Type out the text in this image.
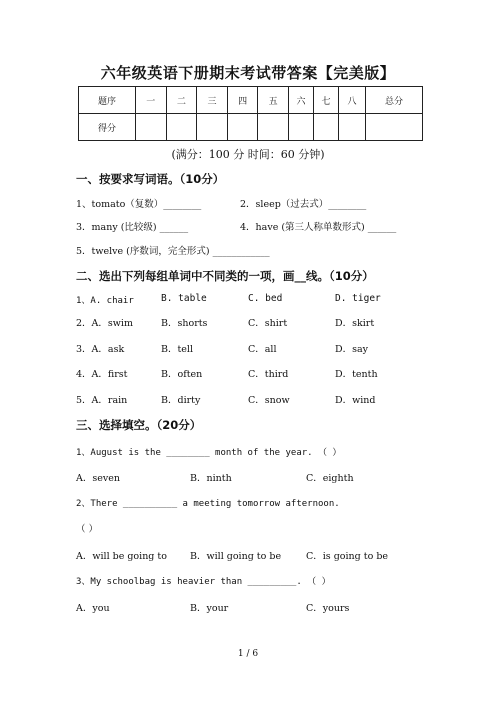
六年级英语下册期末考试带答案【完美版】
题序	一	二	三	四	五	六	七	八	总分
得分									
(满分：100 分 时间：60 分钟)
一、按要求写词语。（10分）
1、tomato（复数）________	2．sleep（过去式）________
3．many (比较级) ______	4．have (第三人称单数形式) ______
5．twelve (序数词，完全形式) ____________
二、选出下列每组单词中不同类的一项，画__线。（10分）
1、A. chair	B. table	C. bed	D. tiger
2．A．swim	B．shorts	C．shirt	D．skirt
3．A．ask	B．tell	C．all	D．say
4．A．first	B．often	C．third	D．tenth
5．A．rain	B．dirty	C．snow	D．wind
三、选择填空。（20分）
1、August is the ________ month of the year. （ ）
A．seven	B．ninth	C．eighth
2、There __________ a meeting tomorrow afternoon.
（ ）
A．will be going to B．will going to be	C．is going to be
3、My schoolbag is heavier than _________. （ ）
A．you	B．your	C．yours
1 / 6
